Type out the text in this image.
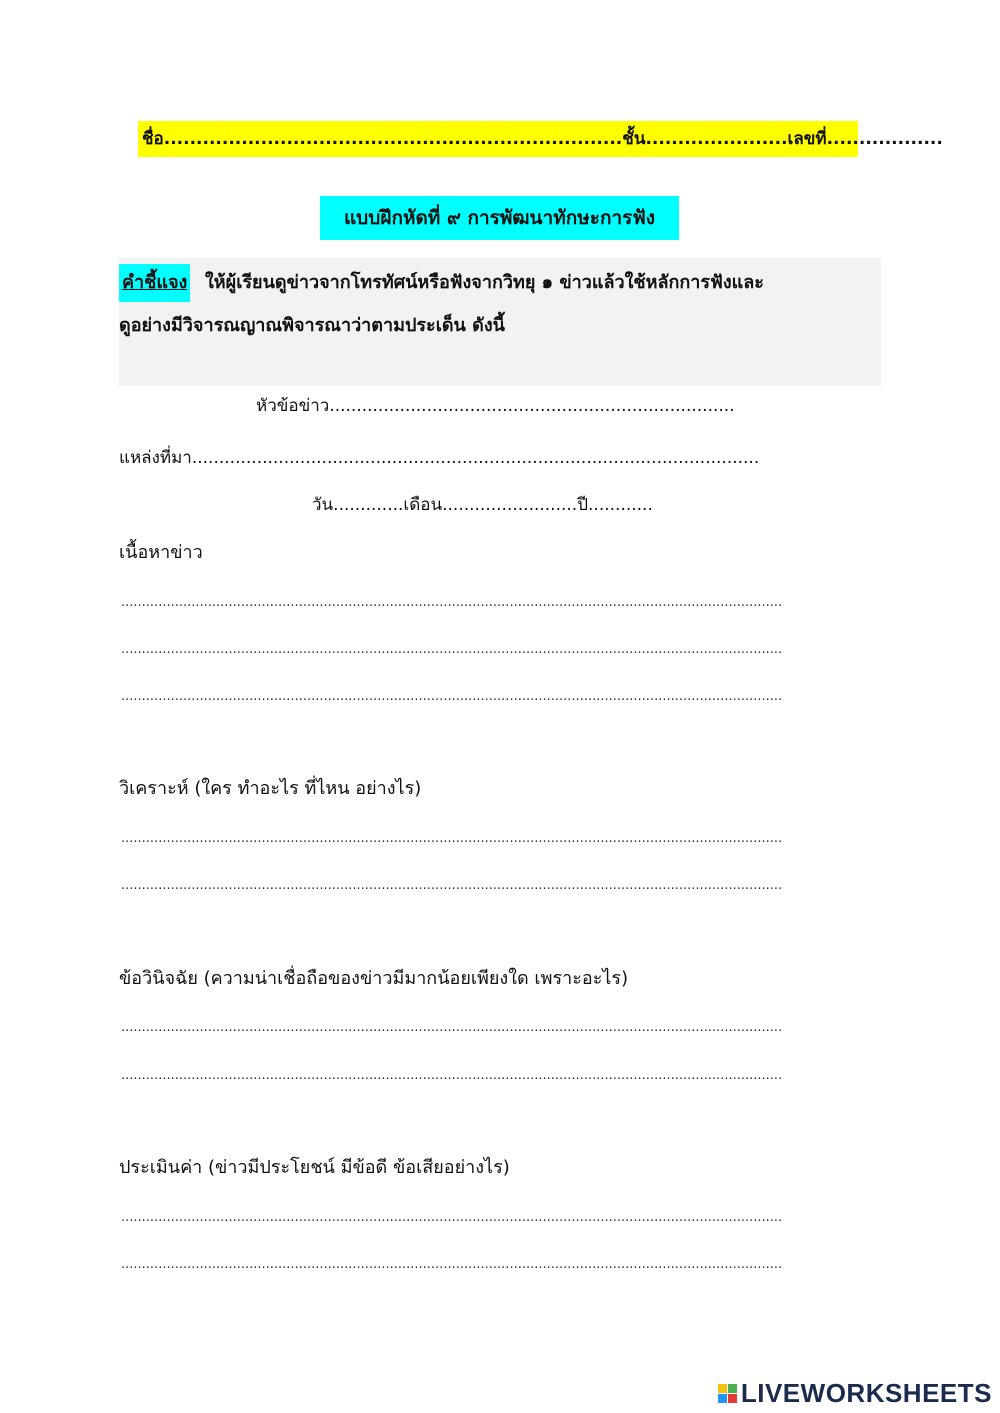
ชื่อ.......................................................................ชั้น......................เลขที่..................
แบบฝึกหัดที่ ๙ การพัฒนาทักษะการฟัง
คำชี้แจง ให้ผู้เรียนดูข่าวจากโทรทัศน์หรือฟังจากวิทยุ ๑ ข่าวแล้วใช้หลักการฟังและ
ดูอย่างมีวิจารณญาณพิจารณาว่าตามประเด็น ดังนี้
หัวข้อข่าว...........................................................................
แหล่งที่มา.........................................................................................................
วัน.............เดือน.........................ปี............
เนื้อหาข่าว
................................................................................................................................................................
................................................................................................................................................................
................................................................................................................................................................
วิเคราะห์ (ใคร ทำอะไร ที่ไหน อย่างไร)
................................................................................................................................................................
................................................................................................................................................................
ข้อวินิจฉัย (ความน่าเชื่อถือของข่าวมีมากน้อยเพียงใด เพราะอะไร)
................................................................................................................................................................
................................................................................................................................................................
ประเมินค่า (ข่าวมีประโยชน์ มีข้อดี ข้อเสียอย่างไร)
................................................................................................................................................................
................................................................................................................................................................
LIVEWORKSHEETS
